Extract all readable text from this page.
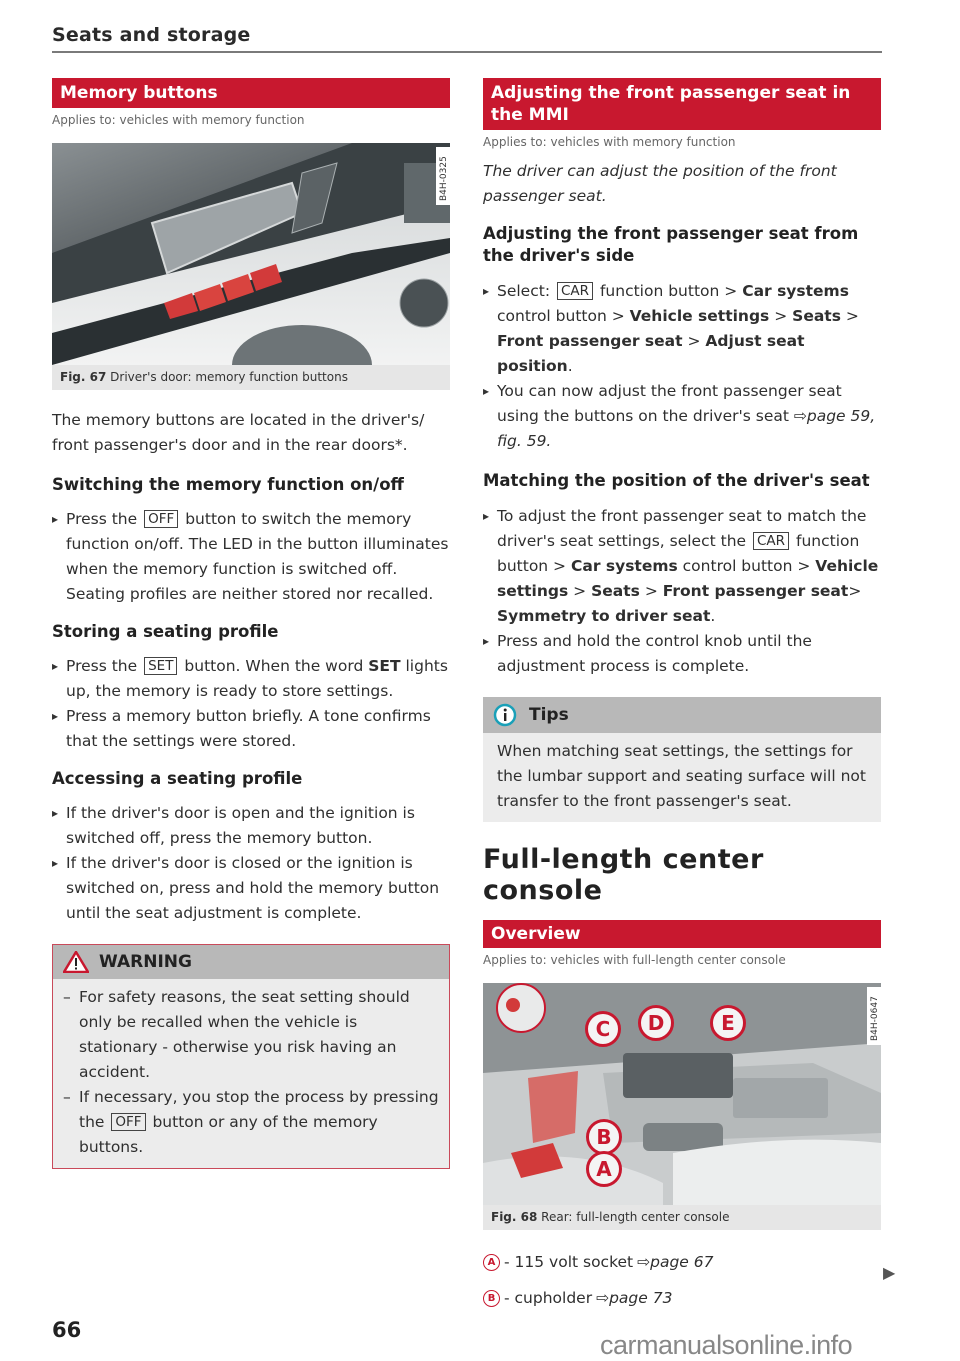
Seats and storage
Memory buttons
Applies to: vehicles with memory function
B4H-0325
Fig. 67 Driver's door: memory function buttons

The memory buttons are located in the driver's/ front passenger's door and in the rear doors*.

Switching the memory function on/off
▸ Press the OFF button to switch the memory function on/off. The LED in the button illuminates when the memory function is switched off. Seating profiles are neither stored nor recalled.
Storing a seating profile
▸ Press the SET button. When the word SET lights up, the memory is ready to store settings.
▸ Press a memory button briefly. A tone confirms that the settings were stored.
Accessing a seating profile
▸ If the driver's door is open and the ignition is switched off, press the memory button.
▸ If the driver's door is closed or the ignition is switched on, press and hold the memory button until the seat adjustment is complete.
WARNING
– For safety reasons, the seat setting should only be recalled when the vehicle is stationary - otherwise you risk having an accident.
– If necessary, you stop the process by pressing the OFF button or any of the memory buttons.
Adjusting the front passenger seat in the MMI
Applies to: vehicles with memory function

The driver can adjust the position of the front passenger seat.

Adjusting the front passenger seat from the driver's side
▸ Select: CAR function button > Car systems control button > Vehicle settings > Seats > Front passenger seat > Adjust seat position.
▸ You can now adjust the front passenger seat using the buttons on the driver's seat ⇨page 59, fig. 59.
Matching the position of the driver's seat
▸ To adjust the front passenger seat to match the driver's seat settings, select the CAR function button > Car systems control button > Vehicle settings > Seats > Front passenger seat> Symmetry to driver seat.
▸ Press and hold the control knob until the adjustment process is complete.
Tips
When matching seat settings, the settings for the lumbar support and seating surface will not transfer to the front passenger's seat.
Full-length center console
Overview
Applies to: vehicles with full-length center console
B4H-0647
C	D	E
B
A
Fig. 68 Rear: full-length center console
A - 115 volt socket ⇨page 67
B - cupholder ⇨page 73
▶
66	carmanualsonline.info
